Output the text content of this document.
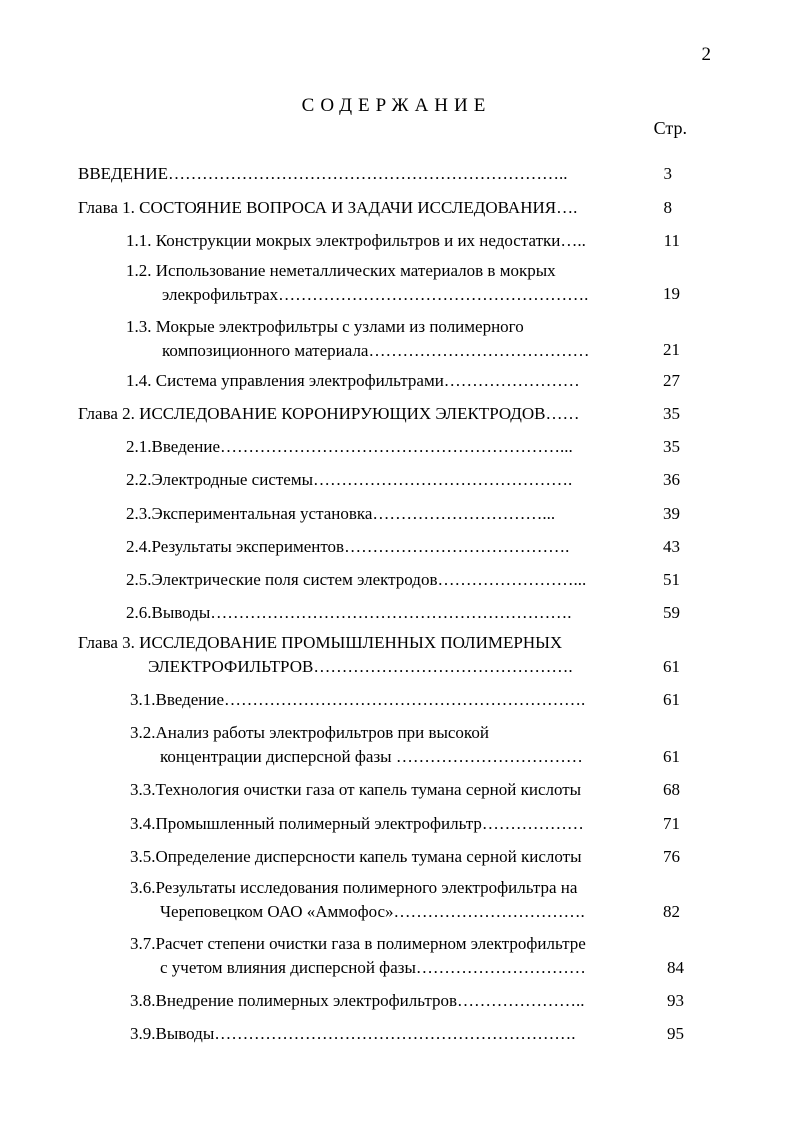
2
СОДЕРЖАНИЕ
Стр.
ВВЕДЕНИЕ……………………………………………………………..	3
Глава 1. СОСТОЯНИЕ ВОПРОСА И ЗАДАЧИ ИССЛЕДОВАНИЯ….	8
1.1. Конструкции мокрых электрофильтров и их недостатки…..	11
1.2. Использование неметаллических материалов в мокрых
элекрофильтрах……………………………………………….	19
1.3. Мокрые электрофильтры с узлами из полимерного
композиционного материала…………………………………	21
1.4. Система управления электрофильтрами……………………	27
Глава 2. ИССЛЕДОВАНИЕ КОРОНИРУЮЩИХ ЭЛЕКТРОДОВ……	35
2.1.Введение……………………………………………………...	35
2.2.Электродные системы……………………………………….	36
2.3.Экспериментальная установка…………………………...	39
2.4.Результаты экспериментов………………………………….	43
2.5.Электрические поля систем электродов……………………...	51
2.6.Выводы……………………………………………………….	59
Глава 3. ИССЛЕДОВАНИЕ ПРОМЫШЛЕННЫХ ПОЛИМЕРНЫХ
ЭЛЕКТРОФИЛЬТРОВ……………………………………….	61
3.1.Введение……………………………………………………….	61
3.2.Анализ работы электрофильтров при высокой
концентрации дисперсной фазы ……………………………	61
3.3.Технология очистки газа от капель тумана серной кислоты	68
3.4.Промышленный полимерный электрофильтр………………	71
3.5.Определение дисперсности капель тумана серной кислоты	76
3.6.Результаты исследования полимерного электрофильтра на
Череповецком ОАО «Аммофос»…………………………….	82
3.7.Расчет степени очистки газа в полимерном электрофильтре
с учетом влияния дисперсной фазы…………………………	84
3.8.Внедрение полимерных электрофильтров…………………..	93
3.9.Выводы……………………………………………………….	95
